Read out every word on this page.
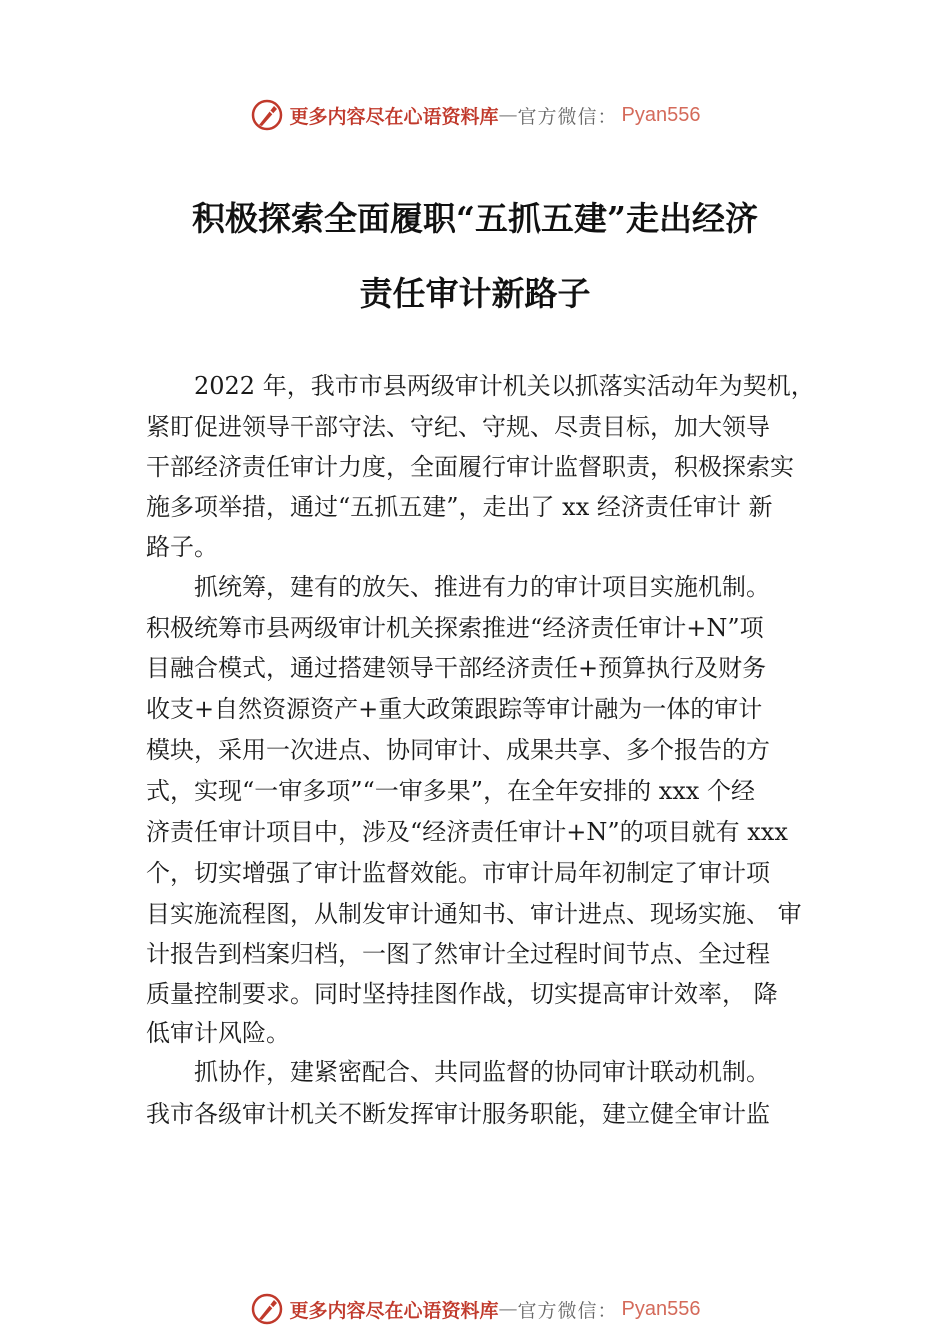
更多内容尽在心语资料库 — 官方微信： Pyan556
积极探索全面履职“五抓五建”走出经济
责任审计新路子
2022 年，我市市县两级审计机关以抓落实活动年为契机，
紧盯促进领导干部守法、守纪、守规、尽责目标，加大领导
干部经济责任审计力度，全面履行审计监督职责，积极探索实
施多项举措，通过“五抓五建”，走出了 xx 经济责任审计 新
路子。
抓统筹，建有的放矢、推进有力的审计项目实施机制。
积极统筹市县两级审计机关探索推进“经济责任审计+N”项
目融合模式，通过搭建领导干部经济责任+预算执行及财务
收支+自然资源资产+重大政策跟踪等审计融为一体的审计
模块，采用一次进点、协同审计、成果共享、多个报告的方
式，实现“一审多项”“一审多果”，在全年安排的 xxx 个经
济责任审计项目中，涉及“经济责任审计+N”的项目就有 xxx
个，切实增强了审计监督效能。市审计局年初制定了审计项
目实施流程图，从制发审计通知书、审计进点、现场实施、 审
计报告到档案归档，一图了然审计全过程时间节点、全过程
质量控制要求。同时坚持挂图作战，切实提高审计效率， 降
低审计风险。
抓协作，建紧密配合、共同监督的协同审计联动机制。
我市各级审计机关不断发挥审计服务职能，建立健全审计监
更多内容尽在心语资料库 — 官方微信： Pyan556
